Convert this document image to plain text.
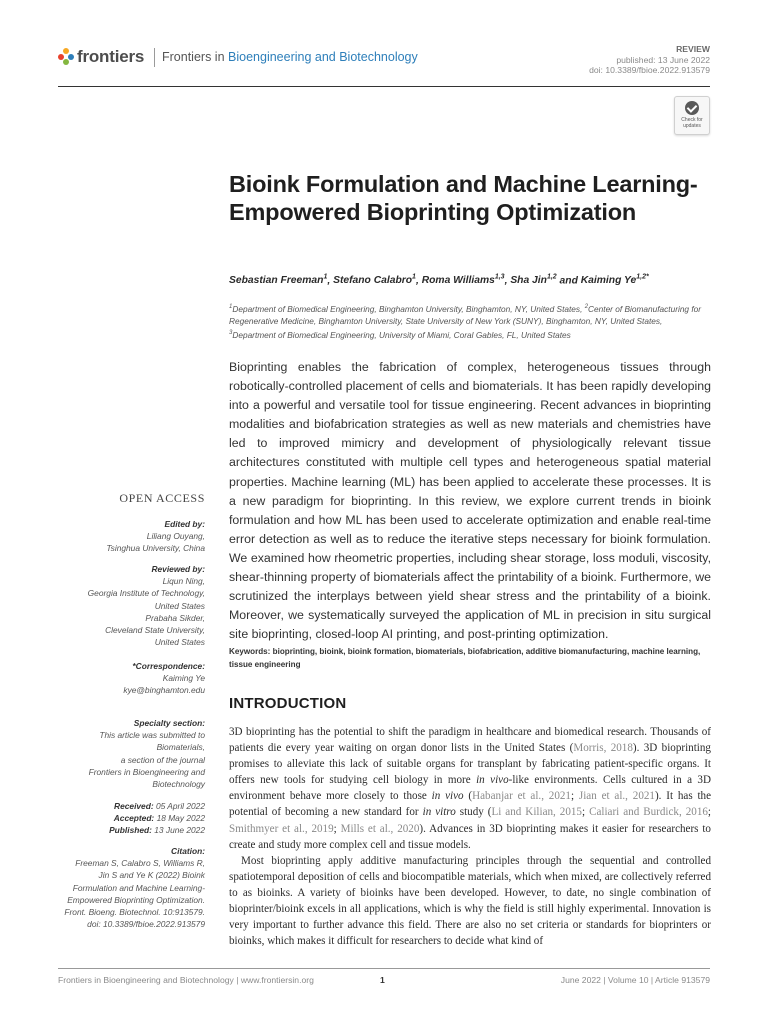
frontiers Frontiers in Bioengineering and Biotechnology
REVIEW
published: 13 June 2022
doi: 10.3389/fbioe.2022.913579
Check for
updates
Bioink Formulation and Machine Learning-Empowered Bioprinting Optimization
Sebastian Freeman$^1$, Stefano Calabro$^1$, Roma Williams$^{1,3}$, Sha Jin$^{1,2}$ and Kaiming $Ye^{1,2*}$
$^1$Department of Biomedical Engineering, Binghamton University, Binghamton, NY, United States, $^2$Center of Biomanufacturing for Regenerative Medicine, Binghamton University, State University of New York (SUNY), Binghamton, NY, United States,
$^3$Department of Biomedical Engineering, University of Miami, Coral Gables, FL, United States
Bioprinting enables the fabrication of complex, heterogeneous tissues through robotically-controlled placement of cells and biomaterials. It has been rapidly developing into a powerful and versatile tool for tissue engineering. Recent advances in bioprinting modalities and biofabrication strategies as well as new materials and chemistries have led to improved mimicry and development of physiologically relevant tissue architectures constituted with multiple cell types and heterogeneous spatial material properties. Machine learning (ML) has been applied to accelerate these processes. It is a new paradigm for bioprinting. In this review, we explore current trends in bioink formulation and how ML has been used to accelerate optimization and enable real-time error detection as well as to reduce the iterative steps necessary for bioink formulation. We examined how rheometric properties, including shear storage, loss moduli, viscosity, shear-thinning property of biomaterials affect the printability of a bioink. Furthermore, we scrutinized the interplays between yield shear stress and the printability of a bioink. Moreover, we systematically surveyed the application of ML in precision in situ surgical site bioprinting, closed-loop AI printing, and post-printing optimization.
Keywords: bioprinting, bioink, bioink formation, biomaterials, biofabrication, additive biomanufacturing, machine learning, tissue engineering
INTRODUCTION

3D bioprinting has the potential to shift the paradigm in healthcare and biomedical research. Thousands of patients die every year waiting on organ donor lists in the United States (Morris, 2018). 3D bioprinting promises to alleviate this lack of suitable organs for transplant by fabricating patient-specific organs. It offers new tools for studying cell biology in more in vivo-like environments. Cells cultured in a 3D environment behave more closely to those in vivo (Habanjar et al., 2021; Jian et al., 2021). It has the potential of becoming a new standard for in vitro study (Li and Kilian, 2015; Caliari and Burdick, 2016; Smithmyer et al., 2019; Mills et al., 2020). Advances in 3D bioprinting makes it easier for researchers to create and study more complex cell and tissue models.

Most bioprinting apply additive manufacturing principles through the sequential and controlled spatiotemporal deposition of cells and biocompatible materials, which when mixed, are collectively referred to as bioinks. A variety of bioinks have been developed. However, to date, no single combination of bioprinter/bioink excels in all applications, which is why the field is still highly experimental. Innovation is very important to further advance this field. There are also no set criteria or standards for bioprinters or bioinks, which makes it difficult for researchers to decide what kind of

OPEN ACCESS
Edited by:
Liliang Ouyang,
Tsinghua University, China
Reviewed by:
Liqun Ning,
Georgia Institute of Technology,
United States
Prabaha Sikder,
Cleveland State University,
United States
*Correspondence:
Kaiming Ye
kye@binghamton.edu
Specialty section:
This article was submitted to
Biomaterials,
a section of the journal
Frontiers in Bioengineering and
Biotechnology
Received: 05 April 2022
Accepted: 18 May 2022
Published: 13 June 2022
Citation:
Freeman S, Calabro S, Williams R,
Jin S and Ye K (2022) Bioink
Formulation and Machine Learning-
Empowered Bioprinting Optimization.
Front. Bioeng. Biotechnol. 10:913579.
doi: 10.3389/fbioe.2022.913579
Frontiers in Bioengineering and Biotechnology | www.frontiersin.org	1	June 2022 | Volume 10 | Article 913579
